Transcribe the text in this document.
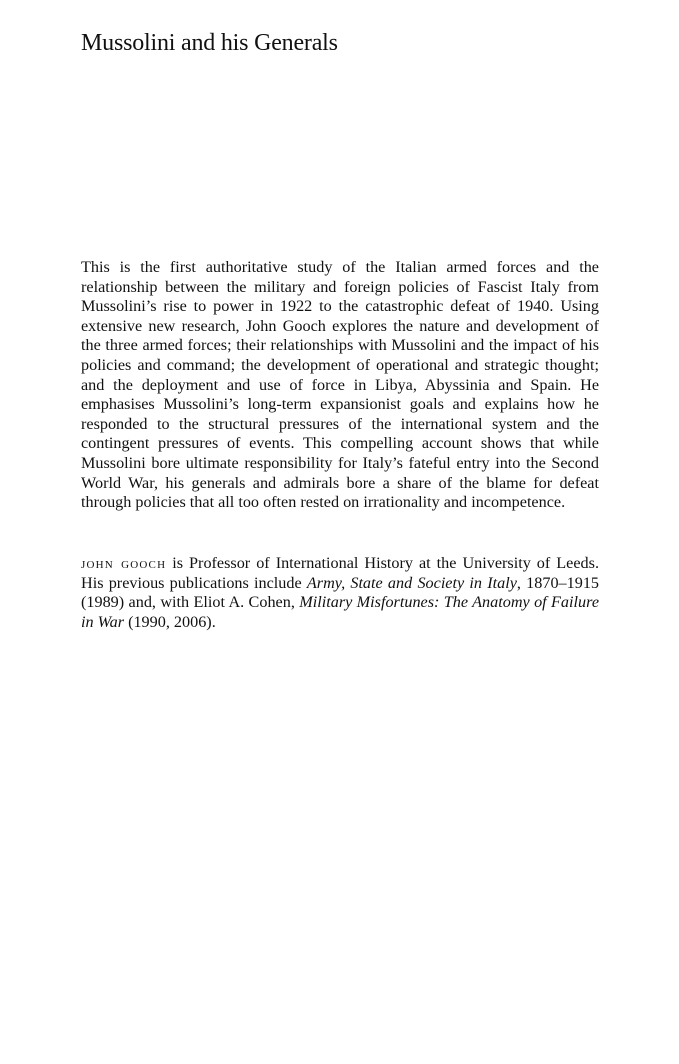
Mussolini and his Generals

This is the first authoritative study of the Italian armed forces and the relationship between the military and foreign policies of Fascist Italy from Mussolini’s rise to power in 1922 to the catastrophic defeat of 1940. Using extensive new research, John Gooch explores the nature and development of the three armed forces; their relationships with Mussolini and the impact of his policies and command; the development of operational and strategic thought; and the deployment and use of force in Libya, Abyssinia and Spain. He emphasises Mussolini’s long-term expansionist goals and explains how he responded to the structural pressures of the international system and the contingent pressures of events. This compelling account shows that while Mussolini bore ultimate responsibility for Italy’s fateful entry into the Second World War, his generals and admirals bore a share of the blame for defeat through policies that all too often rested on irrationality and incompetence.

john gooch is Professor of International History at the University of Leeds. His previous publications include Army, State and Society in Italy, 1870–1915 (1989) and, with Eliot A. Cohen, Military Misfortunes: The Anatomy of Failure in War (1990, 2006).
